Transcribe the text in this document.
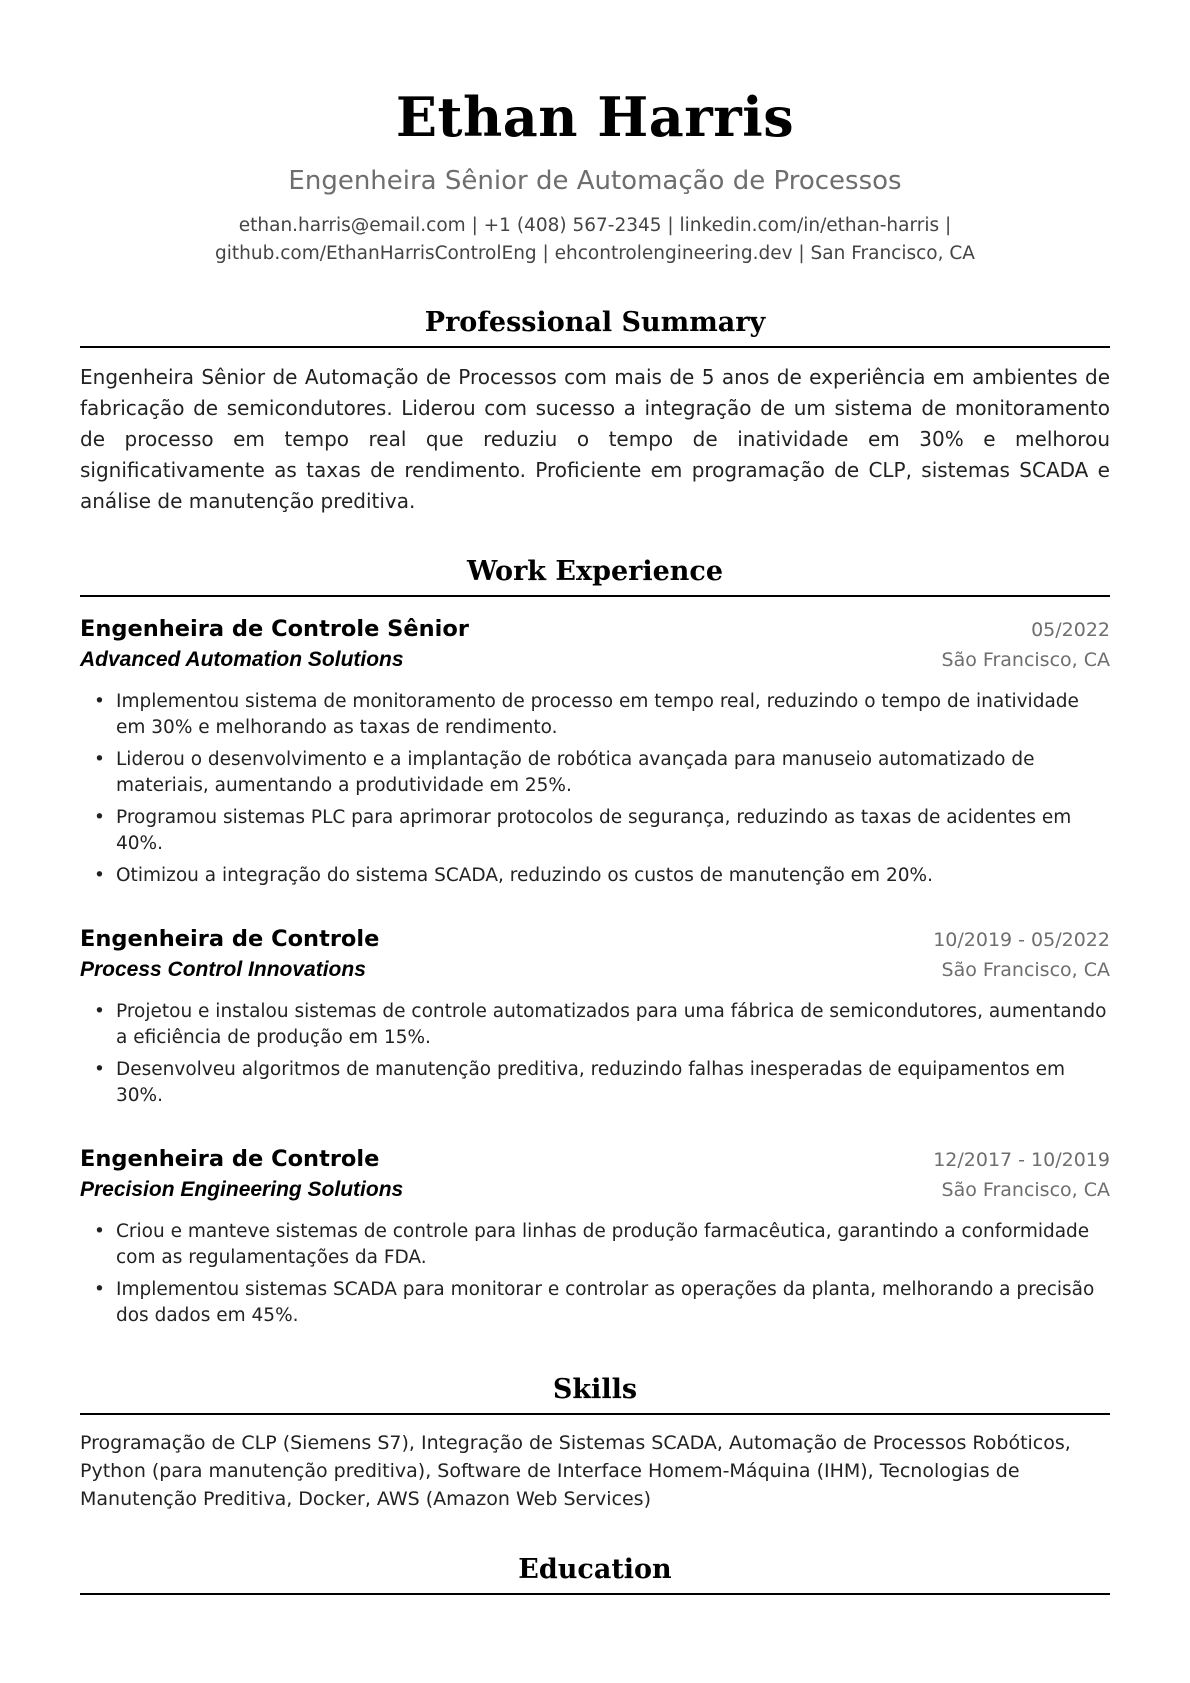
Ethan Harris
Engenheira Sênior de Automação de Processos
ethan.harris@email.com | +1 (408) 567-2345 | linkedin.com/in/ethan-harris |
github.com/EthanHarrisControlEng | ehcontrolengineering.dev | San Francisco, CA
Professional Summary

Engenheira Sênior de Automação de Processos com mais de 5 anos de experiência em ambientes de fabricação de semicondutores. Liderou com sucesso a integração de um sistema de monitoramento de processo em tempo real que reduziu o tempo de inatividade em 30% e melhorou significativamente as taxas de rendimento. Proficiente em programação de CLP, sistemas SCADA e análise de manutenção preditiva.

Work Experience
Engenheira de Controle Sênior	05/2022
Advanced Automation Solutions	São Francisco, CA
• Implementou sistema de monitoramento de processo em tempo real, reduzindo o tempo de inatividade em 30% e melhorando as taxas de rendimento.
• Liderou o desenvolvimento e a implantação de robótica avançada para manuseio automatizado de materiais, aumentando a produtividade em 25%.
• Programou sistemas PLC para aprimorar protocolos de segurança, reduzindo as taxas de acidentes em 40%.
• Otimizou a integração do sistema SCADA, reduzindo os custos de manutenção em 20%.
Engenheira de Controle	10/2019 - 05/2022
Process Control Innovations	São Francisco, CA
• Projetou e instalou sistemas de controle automatizados para uma fábrica de semicondutores, aumentando a eficiência de produção em 15%.
• Desenvolveu algoritmos de manutenção preditiva, reduzindo falhas inesperadas de equipamentos em 30%.
Engenheira de Controle	12/2017 - 10/2019
Precision Engineering Solutions	São Francisco, CA
• Criou e manteve sistemas de controle para linhas de produção farmacêutica, garantindo a conformidade com as regulamentações da FDA.
• Implementou sistemas SCADA para monitorar e controlar as operações da planta, melhorando a precisão dos dados em 45%.
Skills

Programação de CLP (Siemens S7), Integração de Sistemas SCADA, Automação de Processos Robóticos, Python (para manutenção preditiva), Software de Interface Homem-Máquina (IHM), Tecnologias de Manutenção Preditiva, Docker, AWS (Amazon Web Services)

Education
